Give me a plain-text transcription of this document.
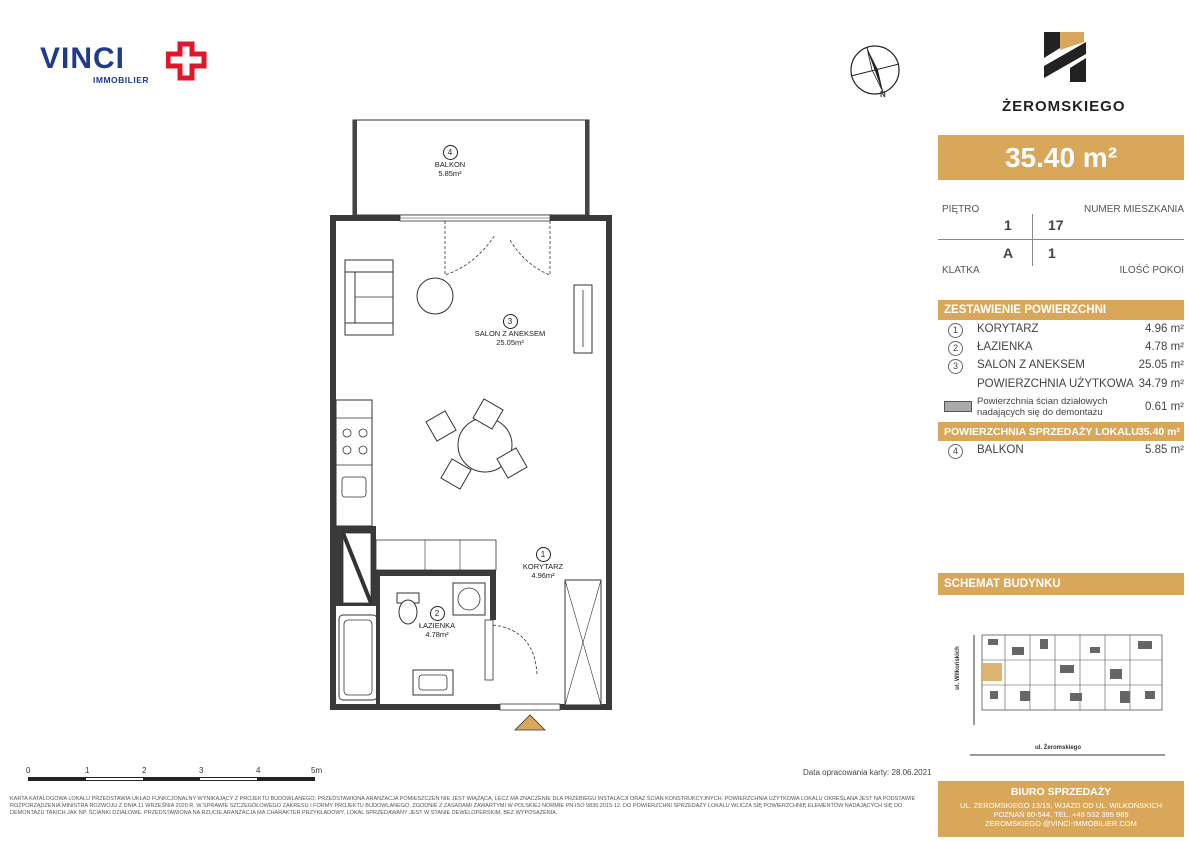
VINCI
IMMOBILIER
N
ŻEROMSKIEGO
35.40 m²
PIĘTRO	NUMER MIESZKANIA
1	17
A 1
KLATKA	ILOŚĆ POKOI
ZESTAWIENIE POWIERZCHNI
1	KORYTARZ	4.96 m²
2	ŁAZIENKA	4.78 m²
3	SALON Z ANEKSEM	25.05 m²
POWIERZCHNIA UŻYTKOWA 34.79 m²
Powierzchnia ścian działowych
nadających się do demontażu	0.61 m²
POWIERZCHNIA SPRZEDAŻY LOKALU 35.40 m²
4	BALKON	5.85 m²
SCHEMAT BUDYNKU
ul. Wilkońskich
ul. Żeromskiego
4
BALKON
5.85m²
3
SALON Z ANEKSEM
25.05m²
1
KORYTARZ
4.96m²
2
ŁAZIENKA
4.78m²
0	1	2	3	4	5m	Data opracowania karty: 28.06.2021
KARTA KATALOGOWA LOKALU PRZEDSTAWIA UKŁAD FUNKCJONALNY WYNIKAJĄCY Z PROJEKTU BUDOWLANEGO. PRZEDSTAWIONA ARANŻACJA POMIESZCZEŃ NIE JEST WIĄŻĄCA, LECZ MA ZNACZENIE DLA PRZEBIEGU INSTALACJI ORAZ ŚCIAN KONSTRUKCYJNYCH. POWIERZCHNIA UŻYTKOWA LOKALU OKREŚLANA JEST NA PODSTAWIE
ROZPORZĄDZENIA MINISTRA ROZWOJU Z DNIA 11 WRZEŚNIA 2020 R. W SPRAWIE SZCZEGÓŁOWEGO ZAKRESU I FORMY PROJEKTU BUDOWLANEGO, ZGODNIE Z ZASADAMI ZAWARTYMI W POLSKIEJ NORMIE PN-ISO 9836:2015-12. DO POWIERZCHNI SPRZEDAŻY LOKALU WLICZA SIĘ POWIERZCHNIĘ ELEMENTÓW NADAJĄCYCH SIĘ DO
DEMONTAŻU TAKICH JAK NP. ŚCIANKI DZIAŁOWE. PRZEDSTAWIONA NA RZUCIE ARANŻACJA MA CHARAKTER PRZYKŁADOWY, LOKAL SPRZEDAWANY JEST W STANIE DEWELOPERSKIM, BEZ WYPOSAŻENIA.
BIURO SPRZEDAŻY
UL. ŻEROMSKIEGO 13/15, WJAZD OD UL. WILKOŃSKICH
POZNAŃ 60-544, TEL. +48 532 395 965
ZEROMSKIEGO @VINCI-IMMOBILIER.COM
